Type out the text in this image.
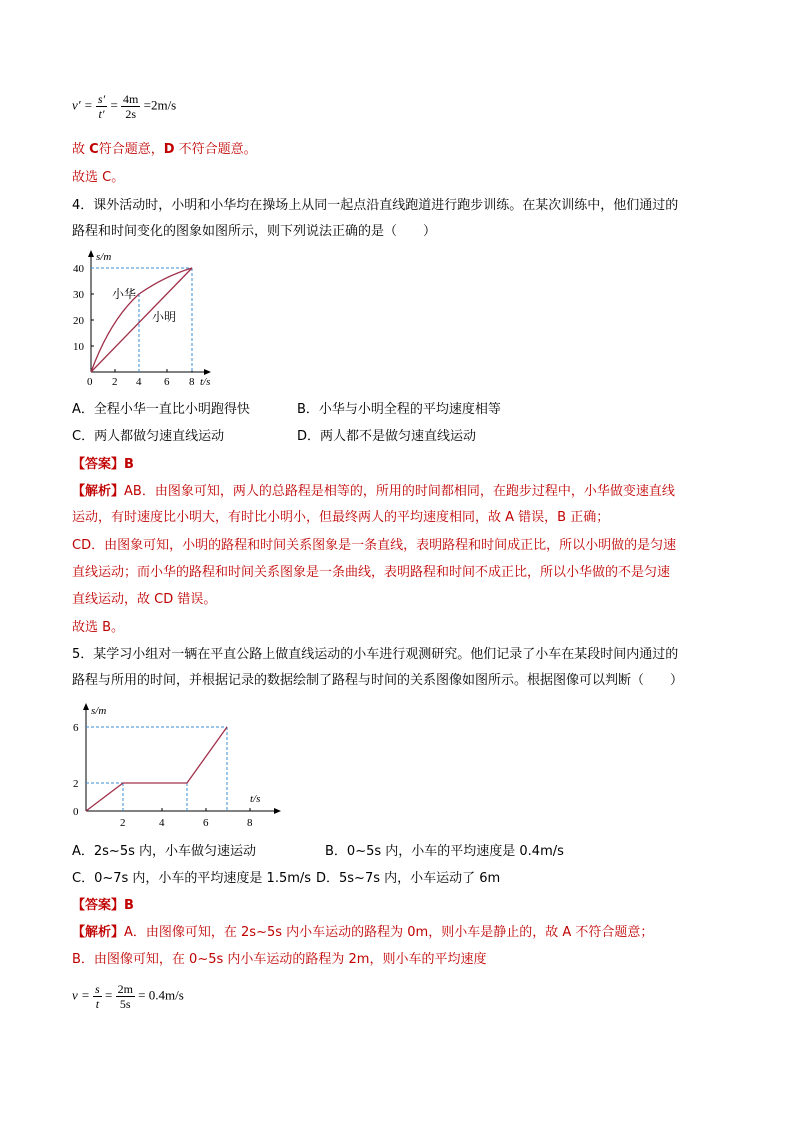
$v' = \frac{s'}{t'} = \frac{4m}{2s} =2m/s$
故 C符合题意，D 不符合题意。
故选 C。
4．课外活动时，小明和小华均在操场上从同一起点沿直线跑道进行跑步训练。在某次训练中，他们通过的
路程和时间变化的图象如图所示，则下列说法正确的是（　　）
s/m
t/s
40
30
20
10
0 2 4 6 8
小华
小明
A．全程小华一直比小明跑得快	B．小华与小明全程的平均速度相等
C．两人都做匀速直线运动	D．两人都不是做匀速直线运动
【答案】B
【解析】AB．由图象可知，两人的总路程是相等的，所用的时间都相同，在跑步过程中，小华做变速直线
运动，有时速度比小明大，有时比小明小，但最终两人的平均速度相同，故 A 错误，B 正确；
CD．由图象可知，小明的路程和时间关系图象是一条直线，表明路程和时间成正比，所以小明做的是匀速
直线运动；而小华的路程和时间关系图象是一条曲线，表明路程和时间不成正比，所以小华做的不是匀速
直线运动，故 CD 错误。
故选 B。
5．某学习小组对一辆在平直公路上做直线运动的小车进行观测研究。他们记录了小车在某段时间内通过的
路程与所用的时间，并根据记录的数据绘制了路程与时间的关系图像如图所示。根据图像可以判断（　　）
s/m
t/s
6
2
0
2	4	6	8
A．2s~5s 内，小车做匀速运动	B．0~5s 内，小车的平均速度是 0.4m/s
C．0~7s 内，小车的平均速度是 1.5m/s D．5s~7s 内，小车运动了 6m
【答案】B
【解析】A．由图像可知，在 2s~5s 内小车运动的路程为 0m，则小车是静止的，故 A 不符合题意；
B．由图像可知，在 0~5s 内小车运动的路程为 2m，则小车的平均速度
$v = \frac{s}{t} = \frac{2m}{5s} = 0.4m/s$
